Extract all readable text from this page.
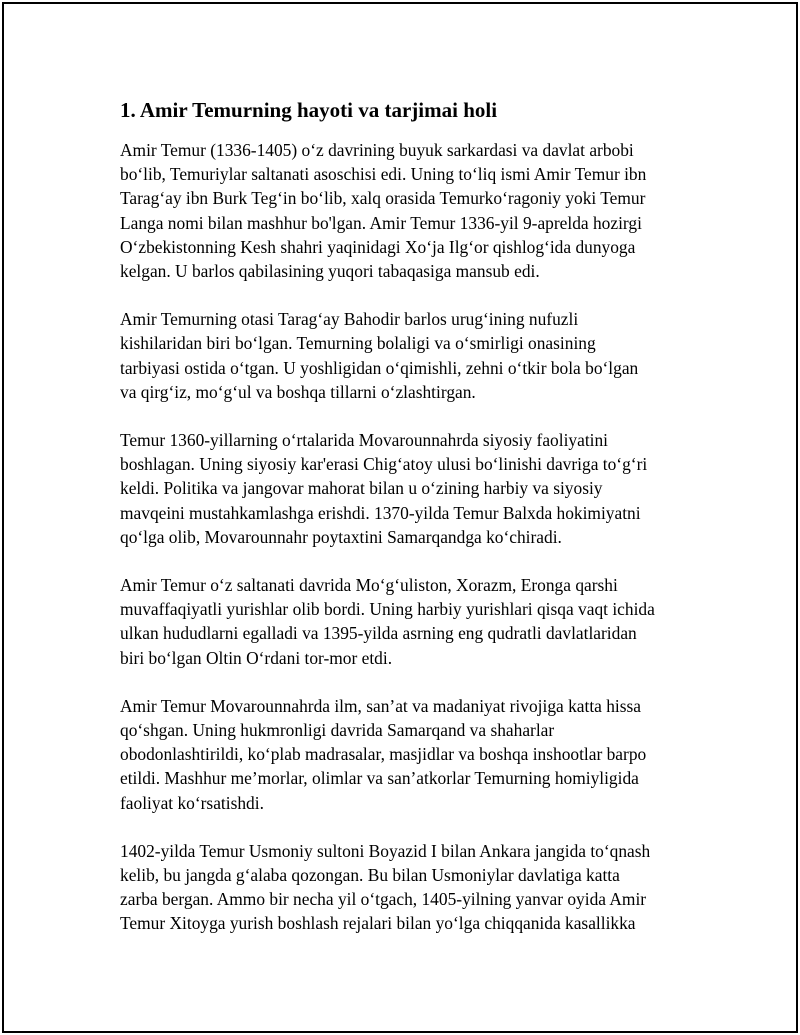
1. Amir Temurning hayoti va tarjimai holi

Amir Temur (1336-1405) o‘z davrining buyuk sarkardasi va davlat arbobi
bo‘lib, Temuriylar saltanati asoschisi edi. Uning to‘liq ismi Amir Temur ibn
Tarag‘ay ibn Burk Teg‘in bo‘lib, xalq orasida Temurko‘ragoniy yoki Temur
Langa nomi bilan mashhur bo'lgan. Amir Temur 1336-yil 9-aprelda hozirgi
O‘zbekistonning Kesh shahri yaqinidagi Xo‘ja Ilg‘or qishlog‘ida dunyoga
kelgan. U barlos qabilasining yuqori tabaqasiga mansub edi.

Amir Temurning otasi Tarag‘ay Bahodir barlos urug‘ining nufuzli
kishilaridan biri bo‘lgan. Temurning bolaligi va o‘smirligi onasining
tarbiyasi ostida o‘tgan. U yoshligidan o‘qimishli, zehni o‘tkir bola bo‘lgan
va qirg‘iz, mo‘g‘ul va boshqa tillarni o‘zlashtirgan.

Temur 1360-yillarning o‘rtalarida Movarounnahrda siyosiy faoliyatini
boshlagan. Uning siyosiy kar'erasi Chig‘atoy ulusi bo‘linishi davriga to‘g‘ri
keldi. Politika va jangovar mahorat bilan u o‘zining harbiy va siyosiy
mavqeini mustahkamlashga erishdi. 1370-yilda Temur Balxda hokimiyatni
qo‘lga olib, Movarounnahr poytaxtini Samarqandga ko‘chiradi.

Amir Temur o‘z saltanati davrida Mo‘g‘uliston, Xorazm, Eronga qarshi
muvaffaqiyatli yurishlar olib bordi. Uning harbiy yurishlari qisqa vaqt ichida
ulkan hududlarni egalladi va 1395-yilda asrning eng qudratli davlatlaridan
biri bo‘lgan Oltin O‘rdani tor-mor etdi.

Amir Temur Movarounnahrda ilm, san’at va madaniyat rivojiga katta hissa
qo‘shgan. Uning hukmronligi davrida Samarqand va shaharlar
obodonlashtirildi, ko‘plab madrasalar, masjidlar va boshqa inshootlar barpo
etildi. Mashhur me’morlar, olimlar va san’atkorlar Temurning homiyligida
faoliyat ko‘rsatishdi.

1402-yilda Temur Usmoniy sultoni Boyazid I bilan Ankara jangida to‘qnash
kelib, bu jangda g‘alaba qozongan. Bu bilan Usmoniylar davlatiga katta
zarba bergan. Ammo bir necha yil o‘tgach, 1405-yilning yanvar oyida Amir
Temur Xitoyga yurish boshlash rejalari bilan yo‘lga chiqqanida kasallikka
